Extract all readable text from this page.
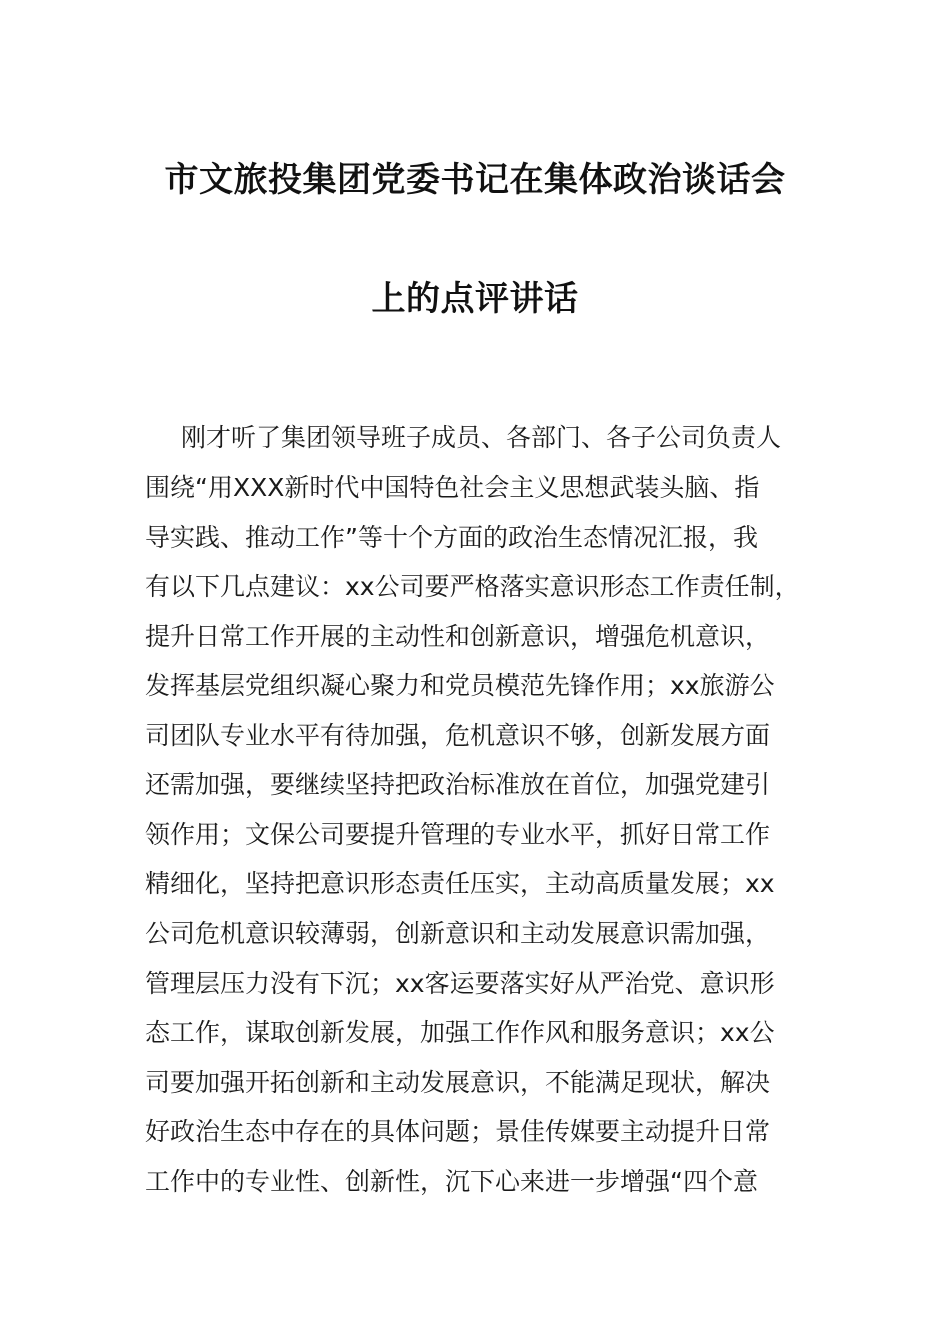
市文旅投集团党委书记在集体政治谈话会
上的点评讲话
刚才听了集团领导班子成员、各部门、各子公司负责人
围绕“用XXX新时代中国特色社会主义思想武装头脑、指
导实践、推动工作”等十个方面的政治生态情况汇报，我
有以下几点建议：xx公司要严格落实意识形态工作责任制，
提升日常工作开展的主动性和创新意识，增强危机意识，
发挥基层党组织凝心聚力和党员模范先锋作用；xx旅游公
司团队专业水平有待加强，危机意识不够，创新发展方面
还需加强，要继续坚持把政治标准放在首位，加强党建引
领作用；文保公司要提升管理的专业水平，抓好日常工作
精细化，坚持把意识形态责任压实，主动高质量发展；xx
公司危机意识较薄弱，创新意识和主动发展意识需加强，
管理层压力没有下沉；xx客运要落实好从严治党、意识形
态工作，谋取创新发展，加强工作作风和服务意识；xx公
司要加强开拓创新和主动发展意识，不能满足现状，解决
好政治生态中存在的具体问题；景佳传媒要主动提升日常
工作中的专业性、创新性，沉下心来进一步增强“四个意
